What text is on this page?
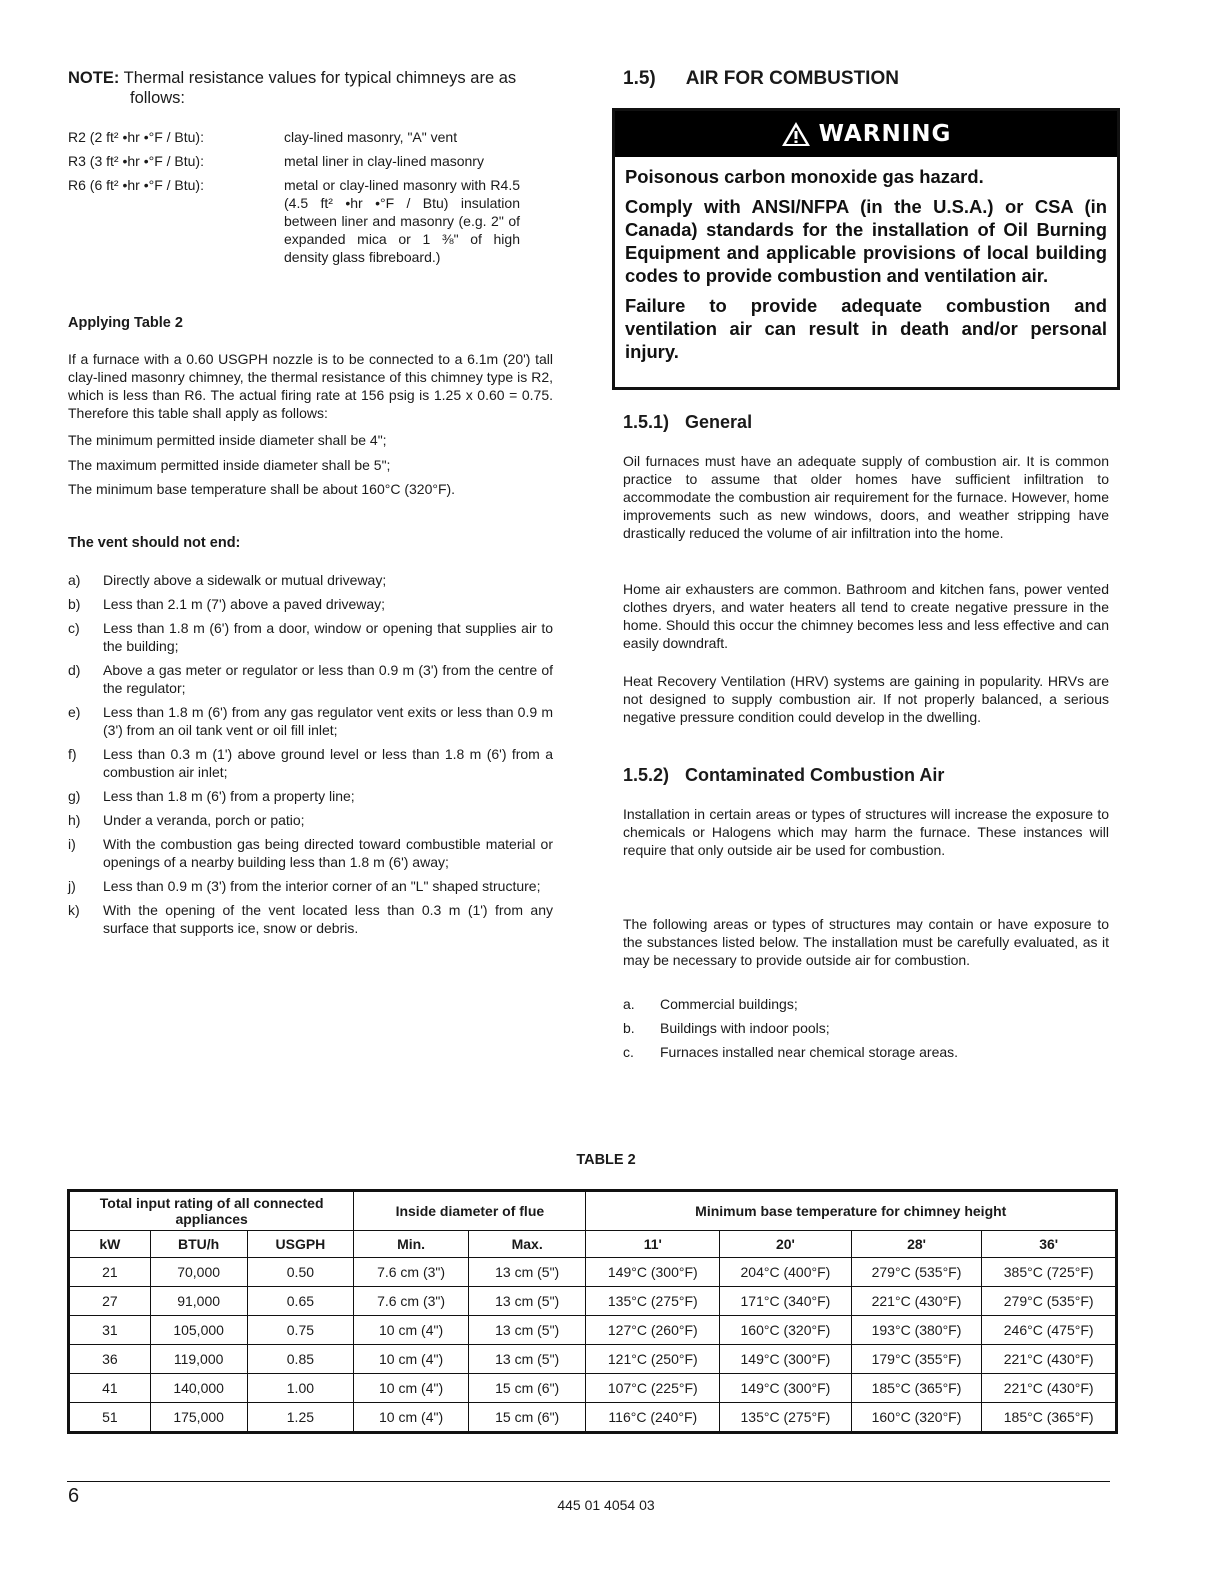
NOTE: Thermal resistance values for typical chimneys are as
follows:
R2 (2 ft² •hr •°F / Btu):	clay-lined masonry, "A" vent
R3 (3 ft² •hr •°F / Btu):	metal liner in clay-lined masonry
R6 (6 ft² •hr •°F / Btu):	metal or clay-lined masonry with R4.5 (4.5 ft² •hr •°F / Btu) insulation between liner and masonry (e.g. 2" of expanded mica or 1 ⅜" of high density glass fibreboard.)
Applying Table 2
If a furnace with a 0.60 USGPH nozzle is to be connected to a 6.1m (20') tall clay-lined masonry chimney, the thermal resistance of this chimney type is R2, which is less than R6. The actual firing rate at 156 psig is 1.25 x 0.60 = 0.75. Therefore this table shall apply as follows:
The minimum permitted inside diameter shall be 4";
The maximum permitted inside diameter shall be 5";
The minimum base temperature shall be about 160°C (320°F).
The vent should not end:
a)	Directly above a sidewalk or mutual driveway;
b)	Less than 2.1 m (7') above a paved driveway;
c)	Less than 1.8 m (6') from a door, window or opening that supplies air to the building;
d)	Above a gas meter or regulator or less than 0.9 m (3') from the centre of the regulator;
e)	Less than 1.8 m (6') from any gas regulator vent exits or less than 0.9 m (3') from an oil tank vent or oil fill inlet;
f)	Less than 0.3 m (1') above ground level or less than 1.8 m (6') from a combustion air inlet;
g)	Less than 1.8 m (6') from a property line;
h)	Under a veranda, porch or patio;
i)	With the combustion gas being directed toward combustible material or openings of a nearby building less than 1.8 m (6') away;
j)	Less than 0.9 m (3') from the interior corner of an "L" shaped structure;
k)	With the opening of the vent located less than 0.3 m (1') from any surface that supports ice, snow or debris.
1.5) AIR FOR COMBUSTION
WARNING

Poisonous carbon monoxide gas hazard.

Comply with ANSI/NFPA (in the U.S.A.) or CSA (in Canada) standards for the installation of Oil Burning Equipment and applicable provisions of local building codes to provide combustion and ventilation air.

Failure to provide adequate combustion and ventilation air can result in death and/or personal injury.

1.5.1) General
Oil furnaces must have an adequate supply of combustion air. It is common practice to assume that older homes have sufficient infiltration to accommodate the combustion air requirement for the furnace. However, home improvements such as new windows, doors, and weather stripping have drastically reduced the volume of air infiltration into the home.
Home air exhausters are common. Bathroom and kitchen fans, power vented clothes dryers, and water heaters all tend to create negative pressure in the home. Should this occur the chimney becomes less and less effective and can easily downdraft.
Heat Recovery Ventilation (HRV) systems are gaining in popularity. HRVs are not designed to supply combustion air. If not properly balanced, a serious negative pressure condition could develop in the dwelling.
1.5.2) Contaminated Combustion Air
Installation in certain areas or types of structures will increase the exposure to chemicals or Halogens which may harm the furnace. These instances will require that only outside air be used for combustion.
The following areas or types of structures may contain or have exposure to the substances listed below. The installation must be carefully evaluated, as it may be necessary to provide outside air for combustion.
a.	Commercial buildings;
b.	Buildings with indoor pools;
c.	Furnaces installed near chemical storage areas.
TABLE 2
Total input rating of all connected appliances			Inside diameter of flue		Minimum base temperature for chimney height			
kW	BTU/h	USGPH	Min.	Max.	11'	20'	28'	36'
21	70,000	0.50	7.6 cm (3")	13 cm (5")	149°C (300°F)	204°C (400°F)	279°C (535°F)	385°C (725°F)
27	91,000	0.65	7.6 cm (3")	13 cm (5")	135°C (275°F)	171°C (340°F)	221°C (430°F)	279°C (535°F)
31	105,000	0.75	10 cm (4")	13 cm (5")	127°C (260°F)	160°C (320°F)	193°C (380°F)	246°C (475°F)
36	119,000	0.85	10 cm (4")	13 cm (5")	121°C (250°F)	149°C (300°F)	179°C (355°F)	221°C (430°F)
41	140,000	1.00	10 cm (4")	15 cm (6")	107°C (225°F)	149°C (300°F)	185°C (365°F)	221°C (430°F)
51	175,000	1.25	10 cm (4")	15 cm (6")	116°C (240°F)	135°C (275°F)	160°C (320°F)	185°C (365°F)
6	445 01 4054 03
